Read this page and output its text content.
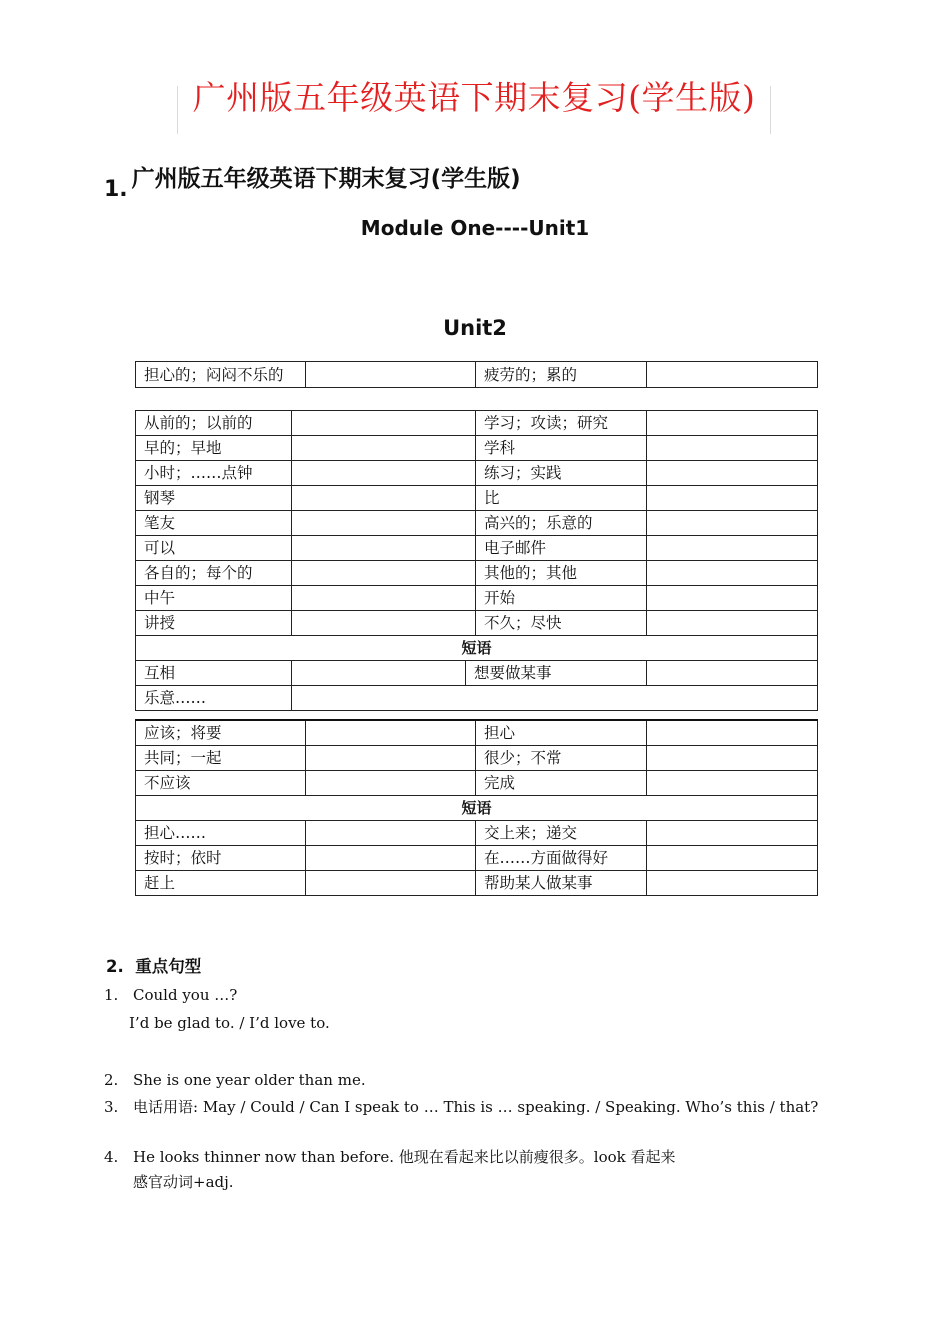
广州版五年级英语下期末复习(学生版)
1. 广州版五年级英语下期末复习(学生版)
Module One----Unit1
Unit2
担心的；闷闷不乐的		疲劳的；累的	
从前的；以前的			学习；攻读；研究	
早的；早地			学科	
小时；……点钟			练习；实践	
钢琴			比	
笔友			高兴的；乐意的	
可以			电子邮件	
各自的；每个的			其他的；其他	
中午			开始	
讲授			不久；尽快	
短语				
互相		想要做某事		
乐意……				
应该；将要		担心	
共同；一起		很少；不常	
不应该		完成	
短语			
担心……		交上来；递交	
按时；依时		在……方面做得好	
赶上		帮助某人做某事	
2. 重点句型
1. Could you …?
I’d be glad to. / I’d love to.
2. She is one year older than me.
3. 电话用语: May / Could / Can I speak to … This is … speaking. / Speaking. Who’s this / that?
4. He looks thinner now than before. 他现在看起来比以前瘦很多。look 看起来
感官动词+adj.
